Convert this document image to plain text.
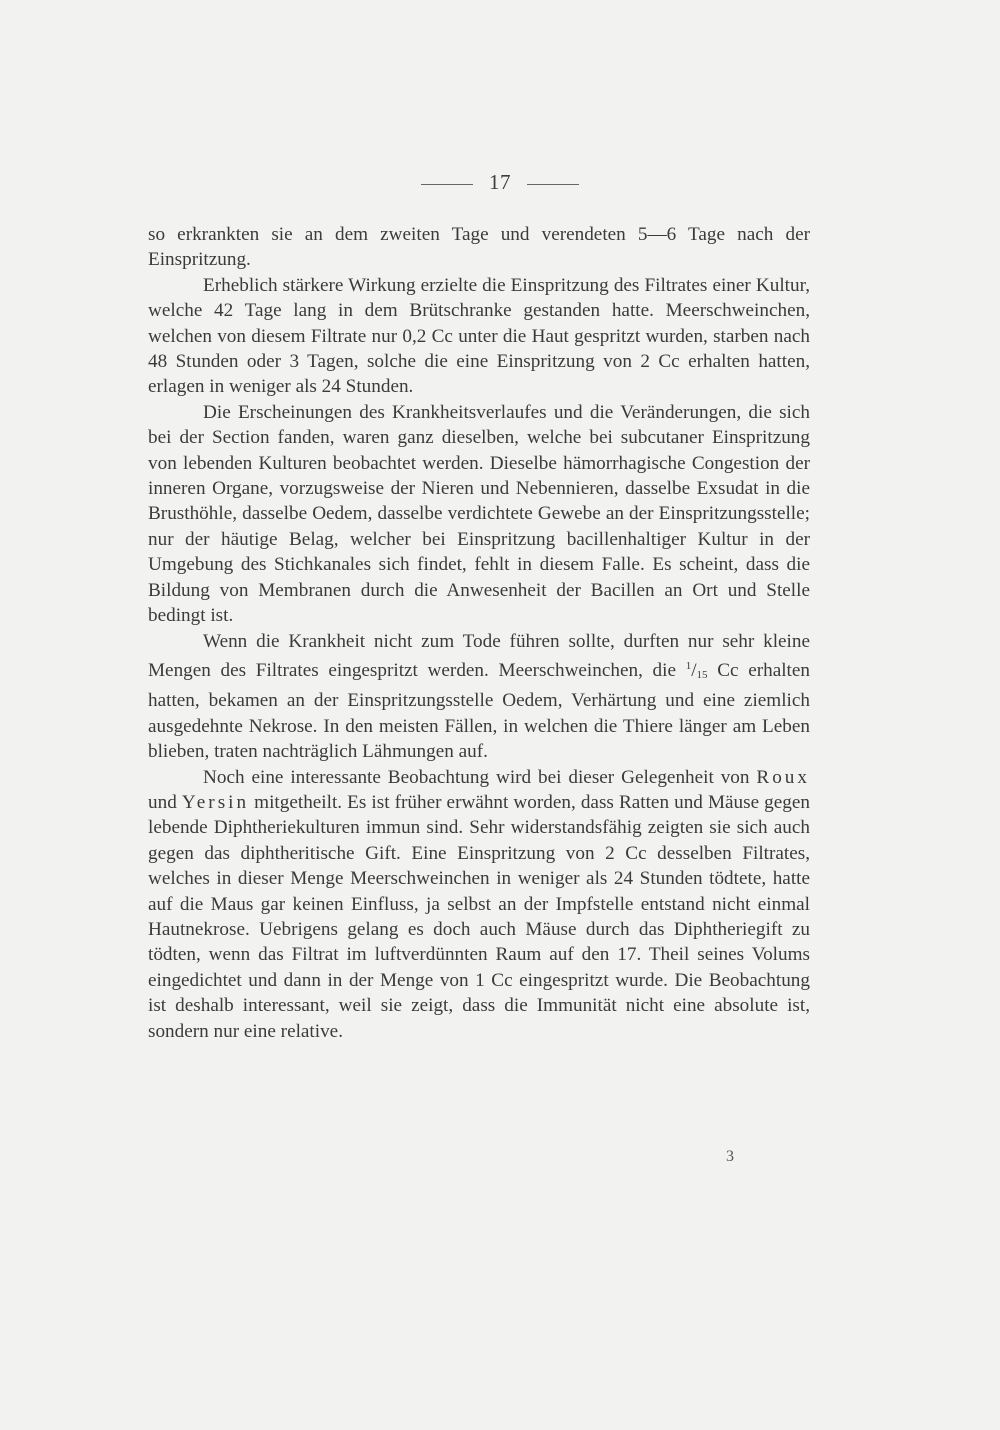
17

so erkrankten sie an dem zweiten Tage und verendeten 5—6 Tage nach der Einspritzung.

Erheblich stärkere Wirkung erzielte die Einspritzung des Filtrates einer Kultur, welche 42 Tage lang in dem Brütschranke gestanden hatte. Meerschweinchen, welchen von diesem Filtrate nur 0,2 Cc unter die Haut gespritzt wurden, starben nach 48 Stunden oder 3 Tagen, solche die eine Einspritzung von 2 Cc erhalten hatten, erlagen in weniger als 24 Stunden.

Die Erscheinungen des Krankheitsverlaufes und die Veränderungen, die sich bei der Section fanden, waren ganz dieselben, welche bei subcutaner Einspritzung von lebenden Kulturen beobachtet werden. Dieselbe hämorrhagische Congestion der inneren Organe, vorzugsweise der Nieren und Nebennieren, dasselbe Exsudat in die Brusthöhle, dasselbe Oedem, dasselbe verdichtete Gewebe an der Einspritzungsstelle; nur der häutige Belag, welcher bei Einspritzung bacillenhaltiger Kultur in der Umgebung des Stichkanales sich findet, fehlt in diesem Falle. Es scheint, dass die Bildung von Membranen durch die Anwesenheit der Bacillen an Ort und Stelle bedingt ist.

Wenn die Krankheit nicht zum Tode führen sollte, durften nur sehr kleine Mengen des Filtrates eingespritzt werden. Meerschweinchen, die $^1/_{15}$ Cc erhalten hatten, bekamen an der Einspritzungsstelle Oedem, Verhärtung und eine ziemlich ausgedehnte Nekrose. In den meisten Fällen, in welchen die Thiere länger am Leben blieben, traten nachträglich Lähmungen auf.

Noch eine interessante Beobachtung wird bei dieser Gelegenheit von Roux und Yersin mitgetheilt. Es ist früher erwähnt worden, dass Ratten und Mäuse gegen lebende Diphtheriekulturen immun sind. Sehr widerstandsfähig zeigten sie sich auch gegen das diphtheritische Gift. Eine Einspritzung von 2 Cc desselben Filtrates, welches in dieser Menge Meerschweinchen in weniger als 24 Stunden tödtete, hatte auf die Maus gar keinen Einfluss, ja selbst an der Impfstelle entstand nicht einmal Hautnekrose. Uebrigens gelang es doch auch Mäuse durch das Diphtheriegift zu tödten, wenn das Filtrat im luftverdünnten Raum auf den 17. Theil seines Volums eingedichtet und dann in der Menge von 1 Cc eingespritzt wurde. Die Beobachtung ist deshalb interessant, weil sie zeigt, dass die Immunität nicht eine absolute ist, sondern nur eine relative.

3
